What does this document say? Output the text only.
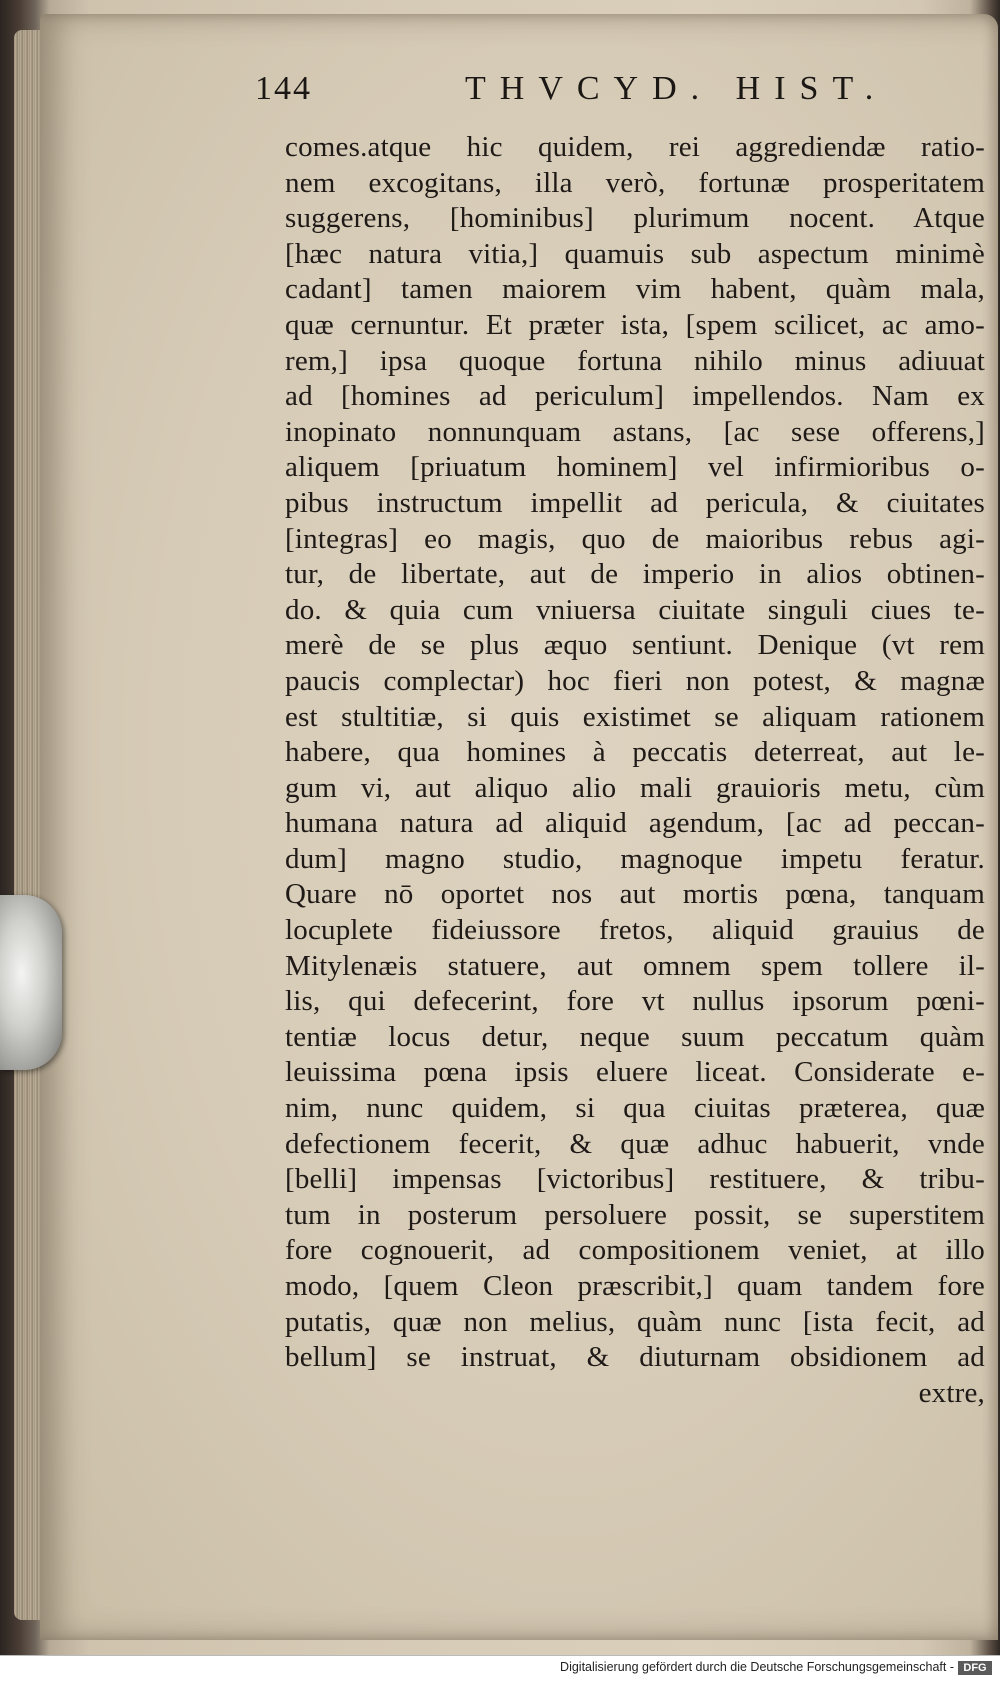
144	THVCYD. HIST.
comes.atque hic quidem, rei aggrediendæ ratio-
nem excogitans, illa verò, fortunæ prosperitatem
suggerens, [hominibus] plurimum nocent. Atque
[hæc natura vitia,] quamuis sub aspectum minimè
cadant] tamen maiorem vim habent, quàm mala,
quæ cernuntur. Et præter ista, [spem scilicet, ac amo-
rem,] ipsa quoque fortuna nihilo minus adiuuat
ad [homines ad periculum] impellendos. Nam ex
inopinato nonnunquam astans, [ac sese offerens,]
aliquem [priuatum hominem] vel infirmioribus o-
pibus instructum impellit ad pericula, & ciuitates
[integras] eo magis, quo de maioribus rebus agi-
tur, de libertate, aut de imperio in alios obtinen-
do. & quia cum vniuersa ciuitate singuli ciues te-
merè de se plus æquo sentiunt. Denique (vt rem
paucis complectar) hoc fieri non potest, & magnæ
est stultitiæ, si quis existimet se aliquam rationem
habere, qua homines à peccatis deterreat, aut le-
gum vi, aut aliquo alio mali grauioris metu, cùm
humana natura ad aliquid agendum, [ac ad peccan-
dum] magno studio, magnoque impetu feratur.
Quare nō oportet nos aut mortis pœna, tanquam
locuplete fideiussore fretos, aliquid grauius de
Mitylenæis statuere, aut omnem spem tollere il-
lis, qui defecerint, fore vt nullus ipsorum pœni-
tentiæ locus detur, neque suum peccatum quàm
leuissima pœna ipsis eluere liceat. Considerate e-
nim, nunc quidem, si qua ciuitas præterea, quæ
defectionem fecerit, & quæ adhuc habuerit, vnde
[belli] impensas [victoribus] restituere, & tribu-
tum in posterum persoluere possit, se superstitem
fore cognouerit, ad compositionem veniet, at illo
modo, [quem Cleon præscribit,] quam tandem fore
putatis, quæ non melius, quàm nunc [ista fecit, ad
bellum] se instruat, & diuturnam obsidionem ad
extre,
Digitalisierung gefördert durch die Deutsche Forschungsgemeinschaft - DFG
